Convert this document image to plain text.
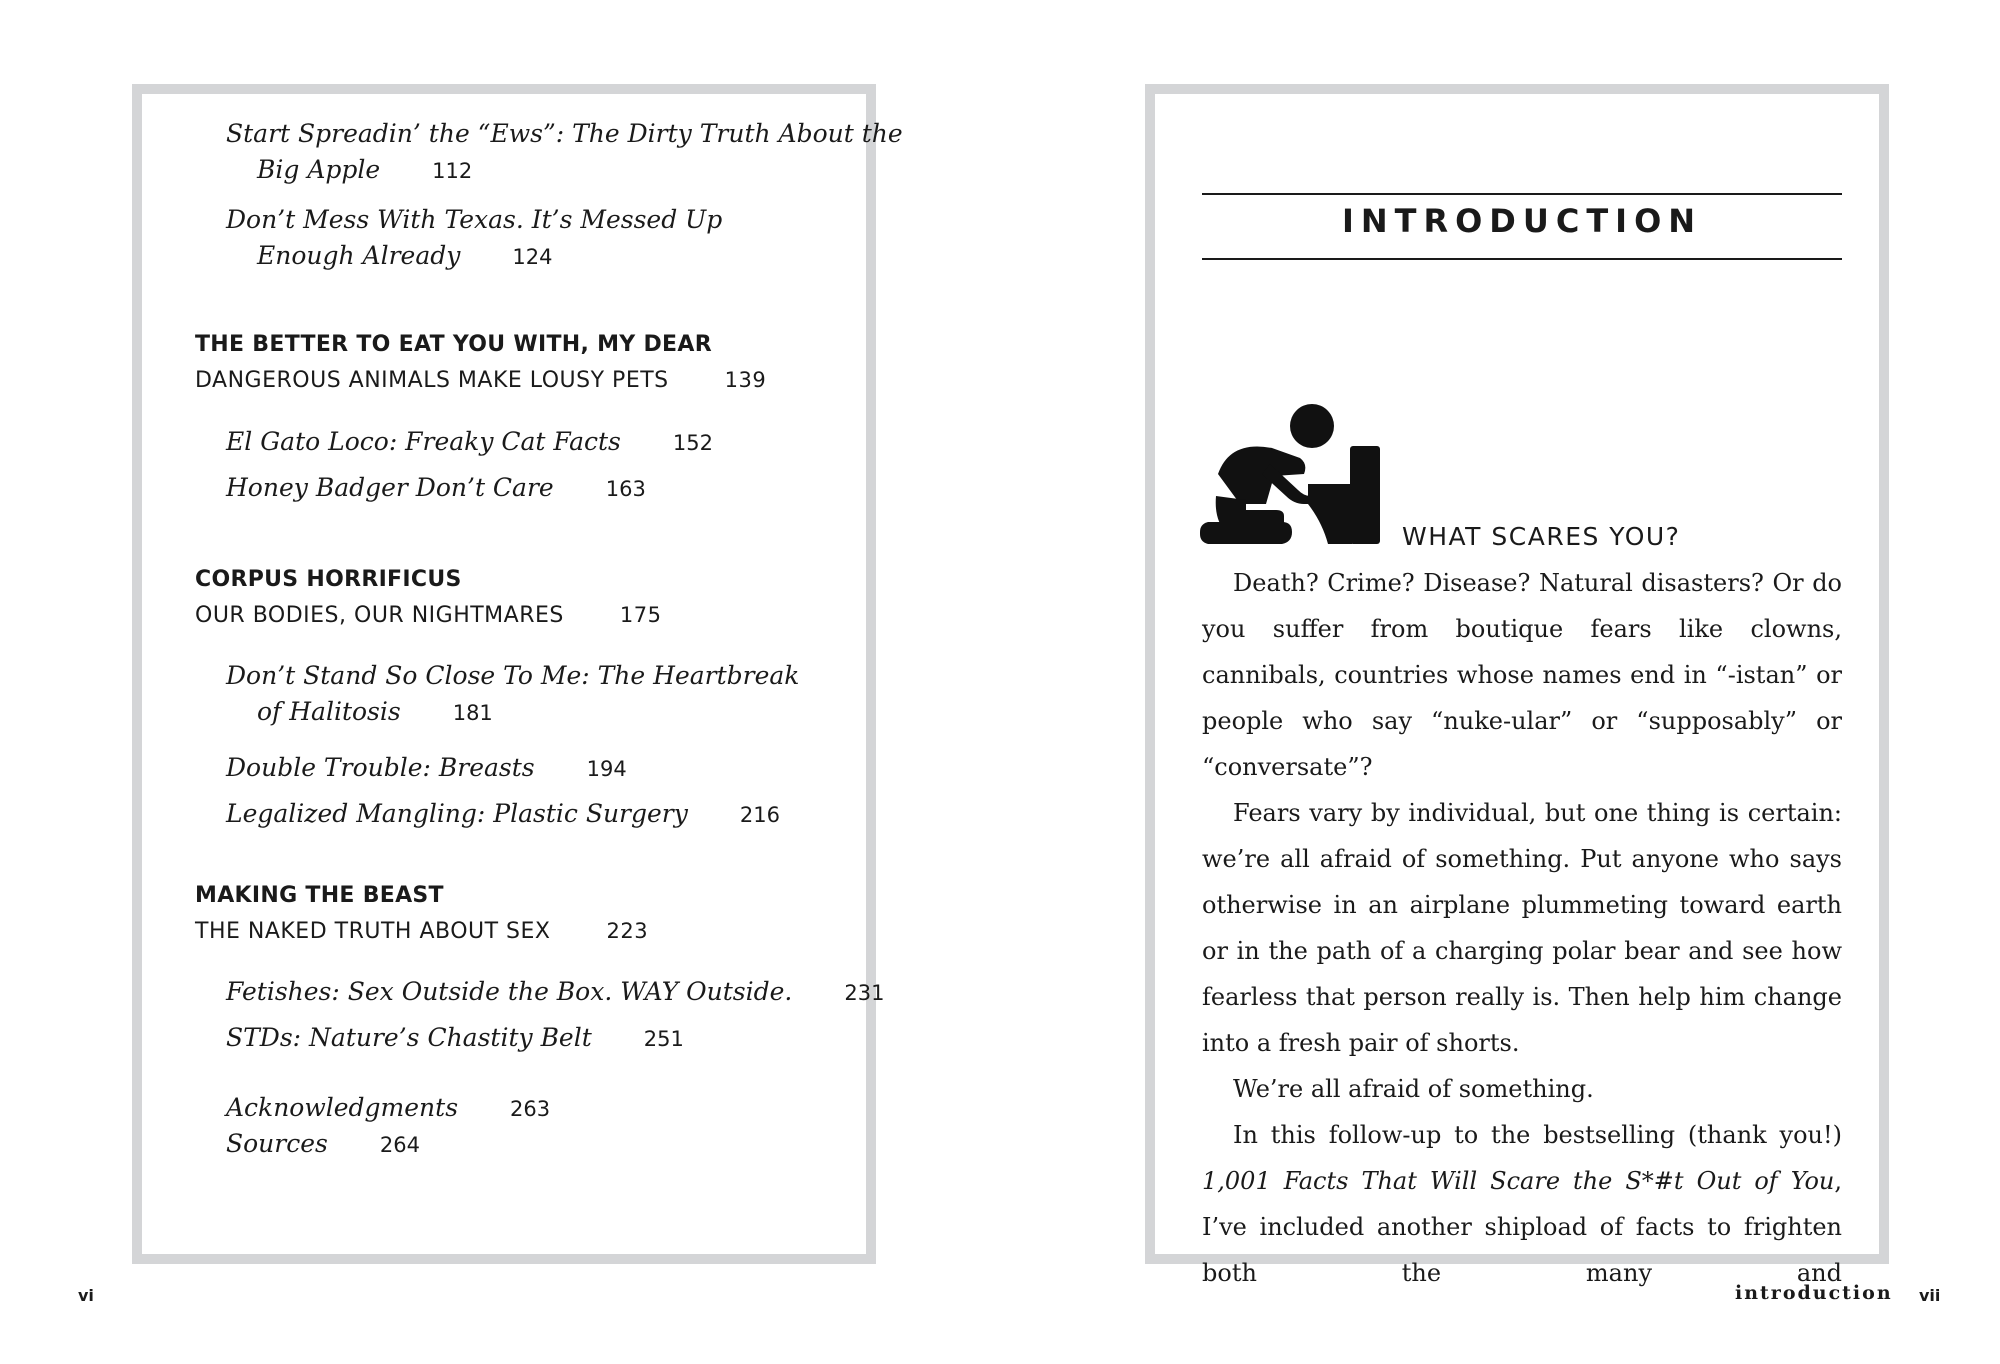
Start Spreadin’ the “Ews”: The Dirty Truth About the
Big Apple 112
Don’t Mess With Texas. It’s Messed Up
Enough Already 124
THE BETTER TO EAT YOU WITH, MY DEAR
DANGEROUS ANIMALS MAKE LOUSY PETS	139
El Gato Loco: Freaky Cat Facts 152
Honey Badger Don’t Care 163
CORPUS HORRIFICUS
OUR BODIES, OUR NIGHTMARES	175
Don’t Stand So Close To Me: The Heartbreak
of Halitosis 181
Double Trouble: Breasts 194
Legalized Mangling: Plastic Surgery 216
MAKING THE BEAST
THE NAKED TRUTH ABOUT SEX	223
Fetishes: Sex Outside the Box. WAY Outside. 231
STDs: Nature’s Chastity Belt 251
Acknowledgments 263
Sources 264
INTRODUCTION
WHAT SCARES YOU?

Death? Crime? Disease? Natural disasters? Or do you suffer from boutique fears like clowns, cannibals, countries whose names end in “-istan” or people who say “nuke-ular” or “supposably” or “conversate”?

Fears vary by individual, but one thing is certain: we’re all afraid of something. Put anyone who says otherwise in an airplane plummeting toward earth or in the path of a charging polar bear and see how fearless that person really is. Then help him change into a fresh pair of shorts.

We’re all afraid of something.

In this follow-up to the bestselling (thank you!) 1,001 Facts That Will Scare the S*#t Out of You, I’ve included another shipload of facts to frighten both the many and

vi	introduction vii
